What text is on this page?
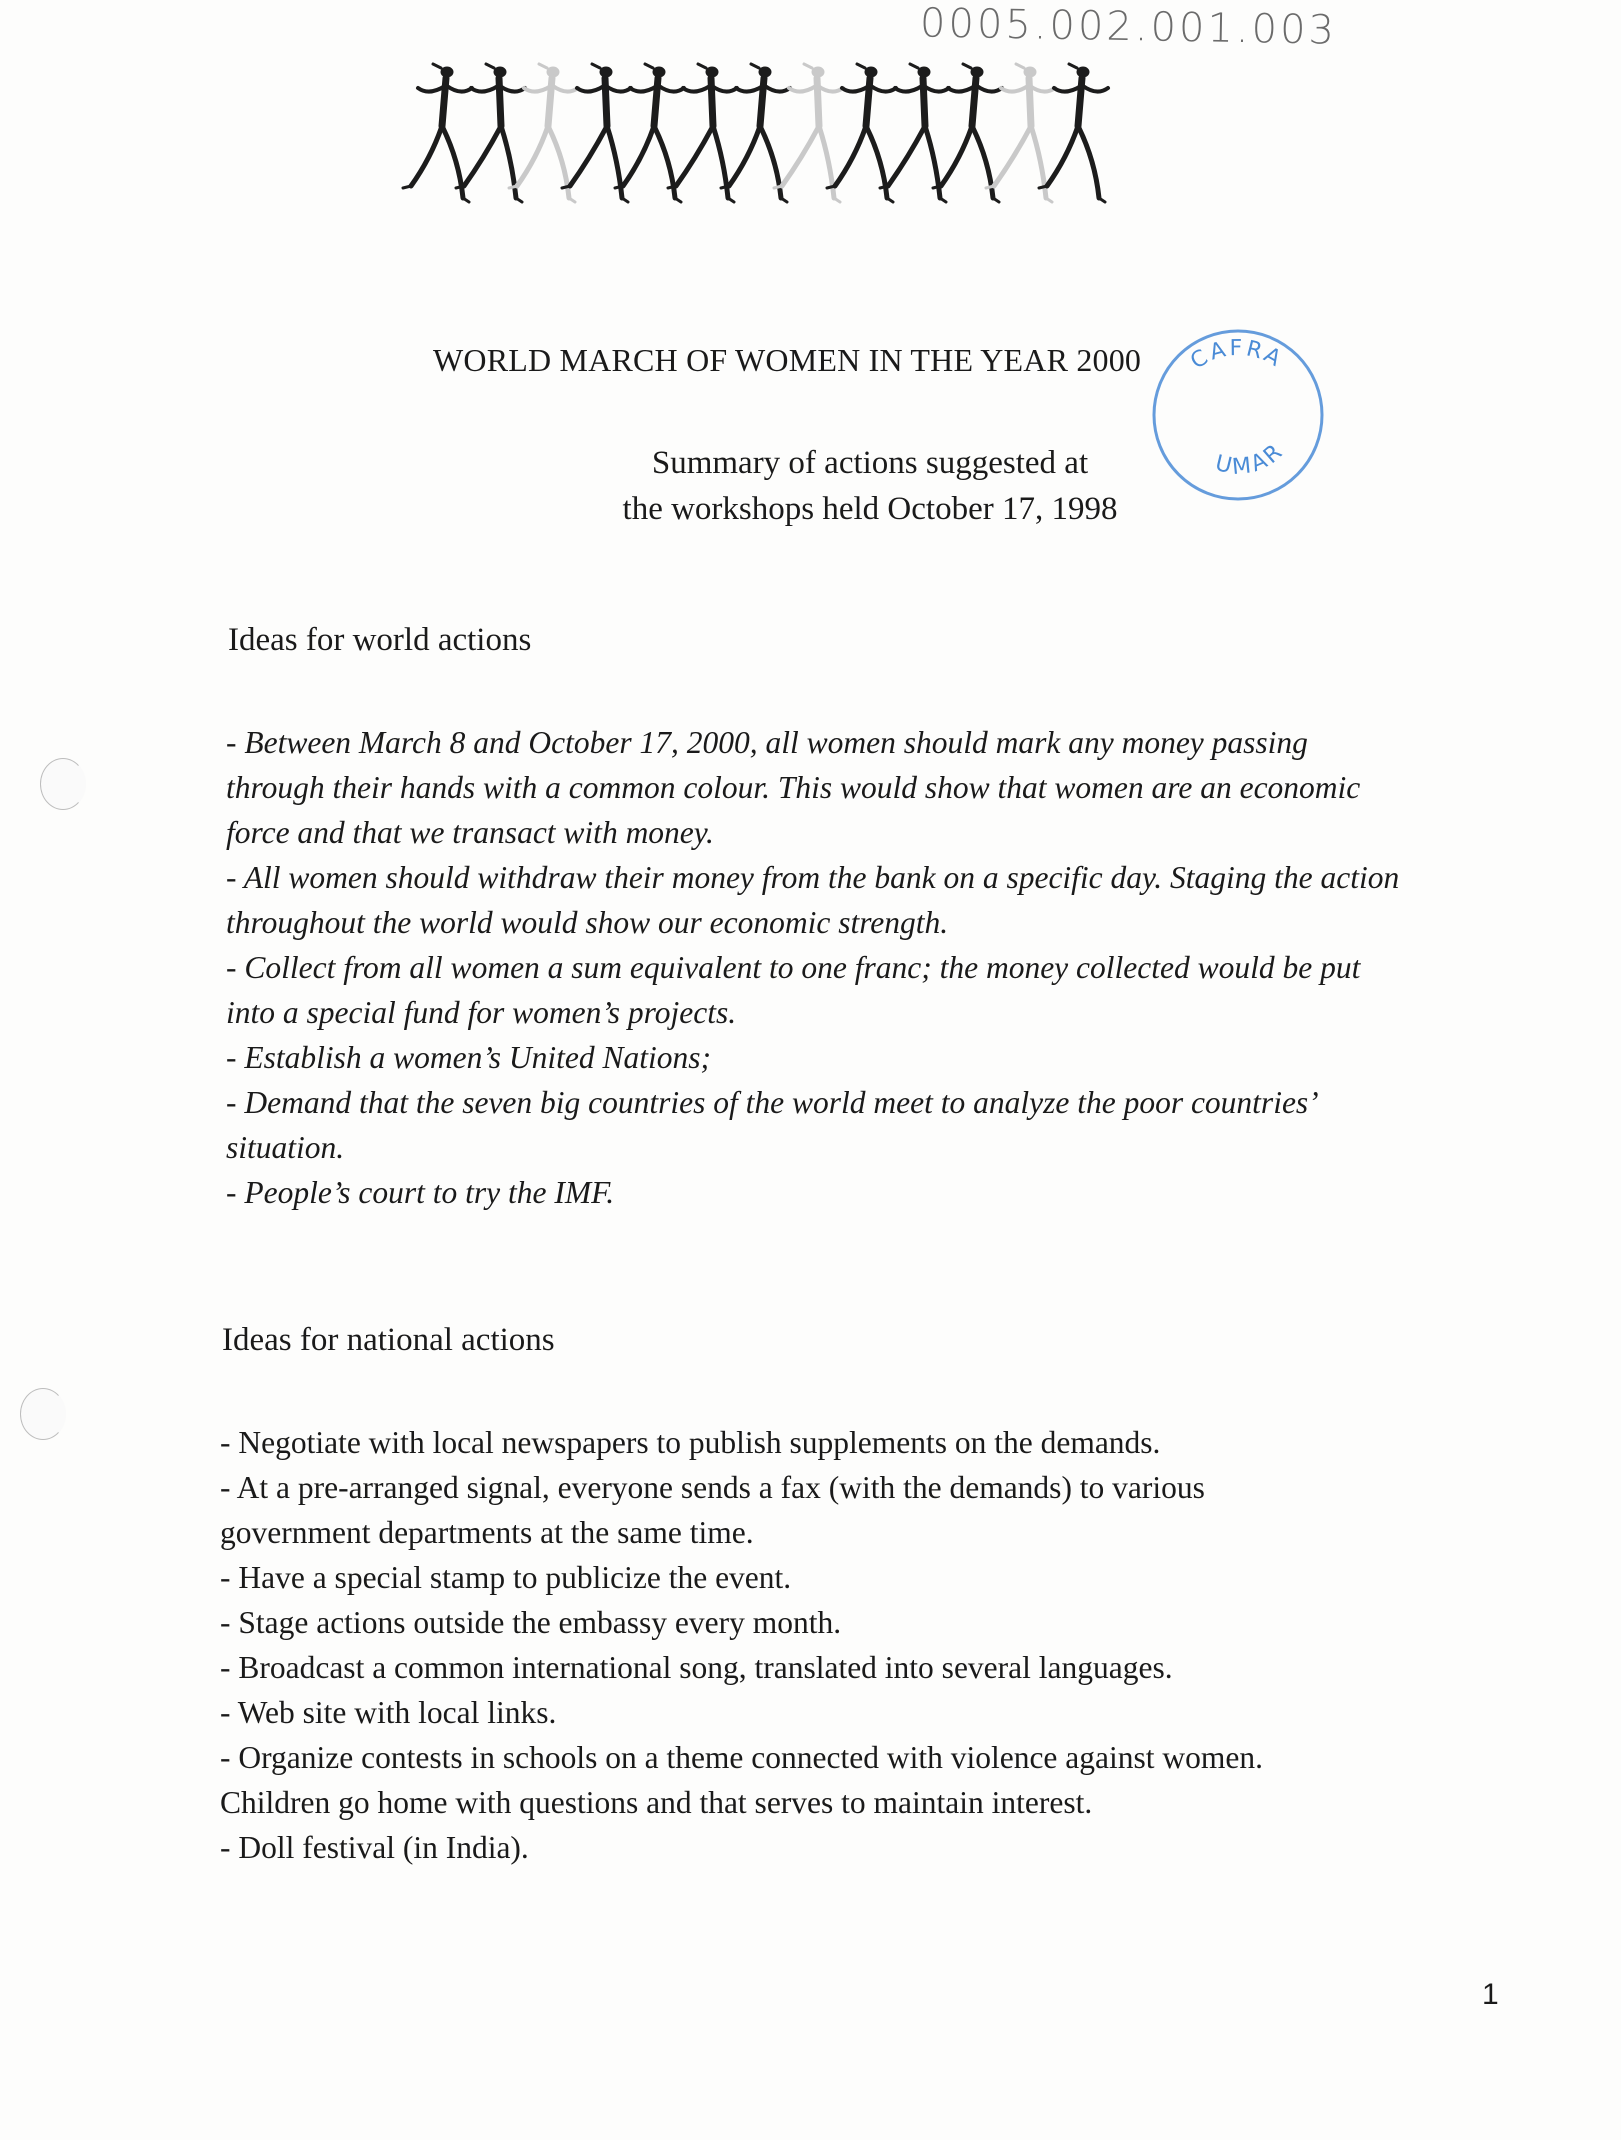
0005.002.001.003
CAFRA
UMAR
WORLD MARCH OF WOMEN IN THE YEAR 2000
Summary of actions suggested at
the workshops held October 17, 1998
Ideas for world actions
- Between March 8 and October 17, 2000, all women should mark any money passing
through their hands with a common colour. This would show that women are an economic
force and that we transact with money.
- All women should withdraw their money from the bank on a specific day. Staging the action
throughout the world would show our economic strength.
- Collect from all women a sum equivalent to one franc; the money collected would be put
into a special fund for women’s projects.
- Establish a women’s United Nations;
- Demand that the seven big countries of the world meet to analyze the poor countries’
situation.
- People’s court to try the IMF.
Ideas for national actions
- Negotiate with local newspapers to publish supplements on the demands.
- At a pre-arranged signal, everyone sends a fax (with the demands) to various
government departments at the same time.
- Have a special stamp to publicize the event.
- Stage actions outside the embassy every month.
- Broadcast a common international song, translated into several languages.
- Web site with local links.
- Organize contests in schools on a theme connected with violence against women.
Children go home with questions and that serves to maintain interest.
- Doll festival (in India).
1
